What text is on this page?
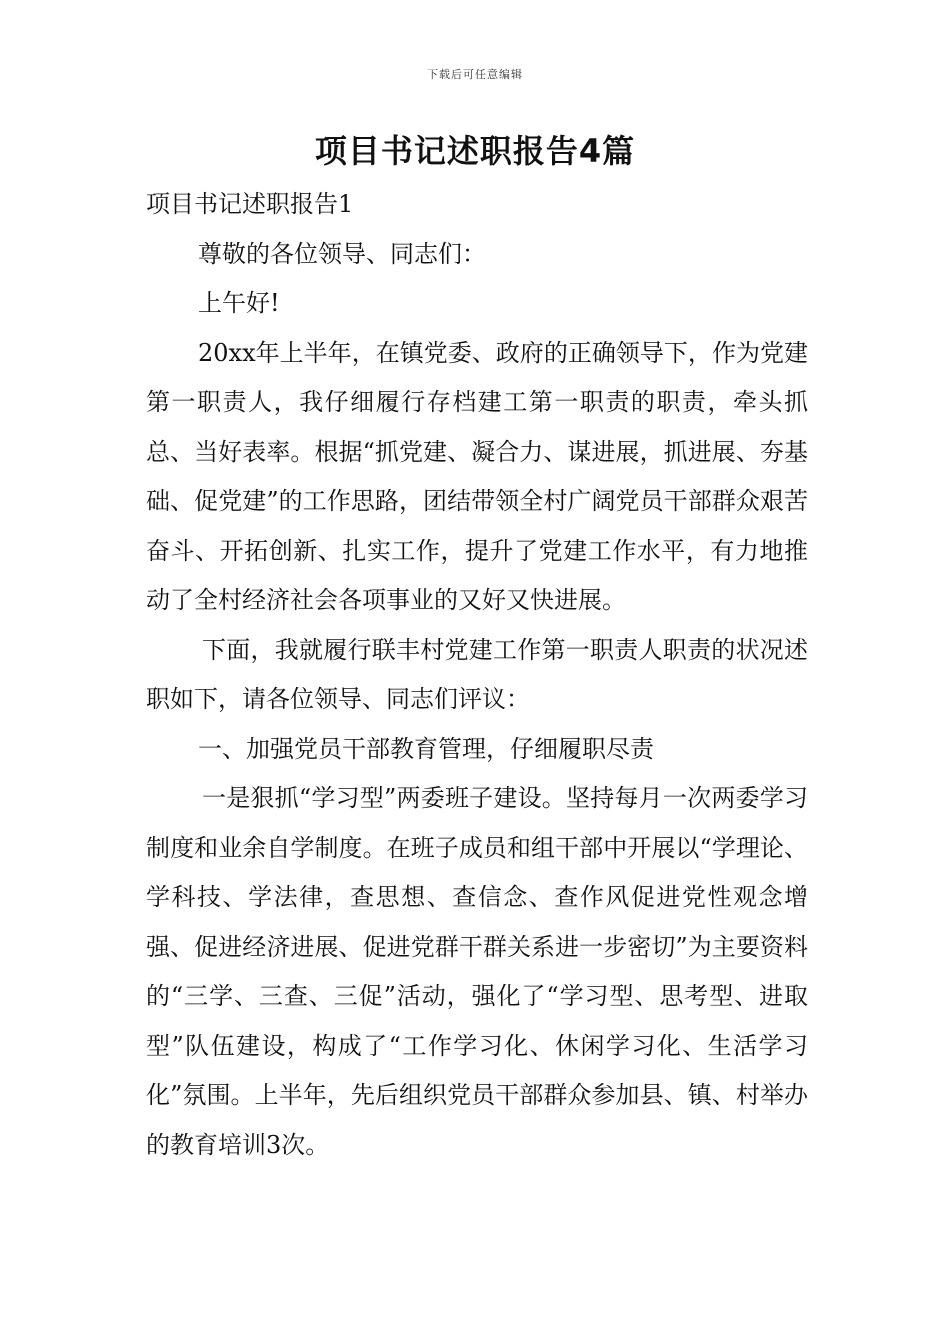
下载后可任意编辑
项目书记述职报告4篇

项目书记述职报告1

尊敬的各位领导、同志们：

上午好!

20xx年上半年，在镇党委、政府的正确领导下，作为党建第一职责人，我仔细履行存档建工第一职责的职责，牵头抓总、当好表率。根据“抓党建、凝合力、谋进展，抓进展、夯基础、促党建”的工作思路，团结带领全村广阔党员干部群众艰苦奋斗、开拓创新、扎实工作，提升了党建工作水平，有力地推动了全村经济社会各项事业的又好又快进展。

下面，我就履行联丰村党建工作第一职责人职责的状况述职如下，请各位领导、同志们评议：

一、加强党员干部教育管理，仔细履职尽责

一是狠抓“学习型”两委班子建设。坚持每月一次两委学习制度和业余自学制度。在班子成员和组干部中开展以“学理论、学科技、学法律，查思想、查信念、查作风促进党性观念增强、促进经济进展、促进党群干群关系进一步密切”为主要资料的“三学、三查、三促”活动，强化了“学习型、思考型、进取型”队伍建设，构成了“工作学习化、休闲学习化、生活学习化”氛围。上半年，先后组织党员干部群众参加县、镇、村举办的教育培训3次。
